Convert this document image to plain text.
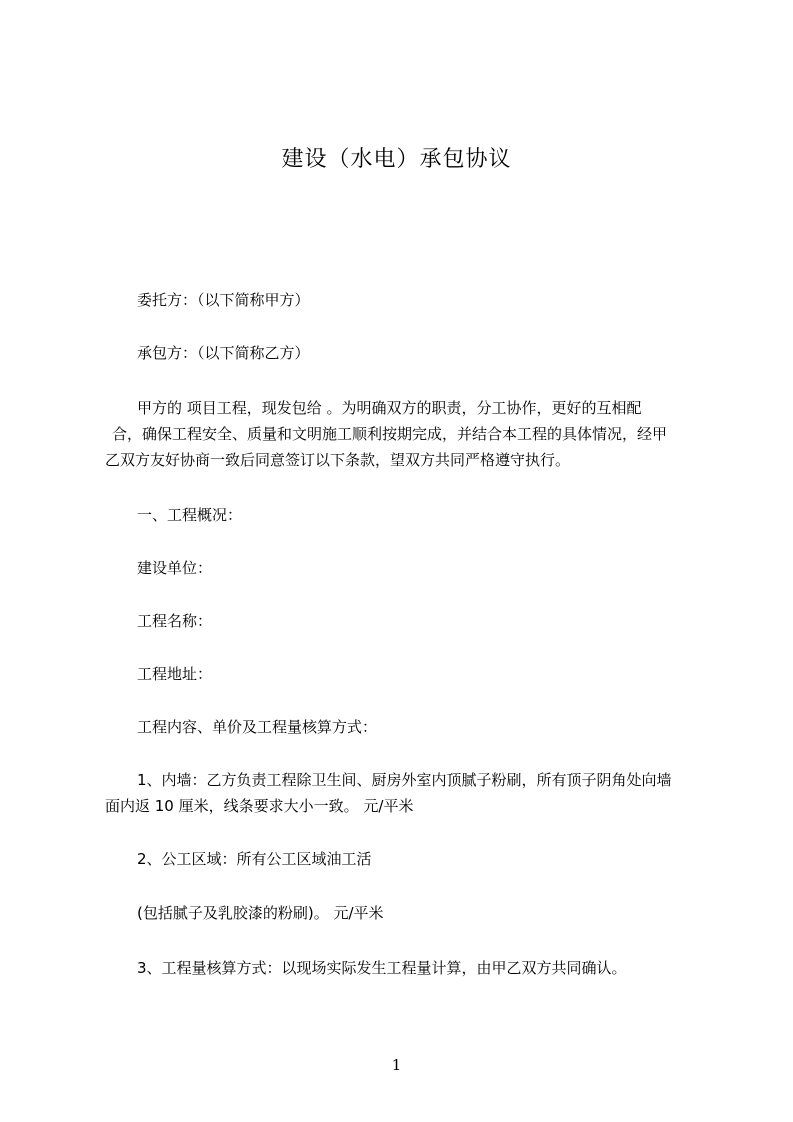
建设（水电）承包协议
委托方：（以下简称甲方）
承包方：（以下简称乙方）
甲方的 项目工程，现发包给 。为明确双方的职责，分工协作，更好的互相配
合，确保工程安全、质量和文明施工顺利按期完成，并结合本工程的具体情况，经甲
乙双方友好协商一致后同意签订以下条款，望双方共同严格遵守执行。
一、工程概况：
建设单位：
工程名称：
工程地址：
工程内容、单价及工程量核算方式：
1、内墙：乙方负责工程除卫生间、厨房外室内顶腻子粉刷，所有顶子阴角处向墙
面内返 10 厘米，线条要求大小一致。 元/平米
2、公工区域：所有公工区域油工活
(包括腻子及乳胶漆的粉刷)。 元/平米
3、工程量核算方式：以现场实际发生工程量计算，由甲乙双方共同确认。
1
